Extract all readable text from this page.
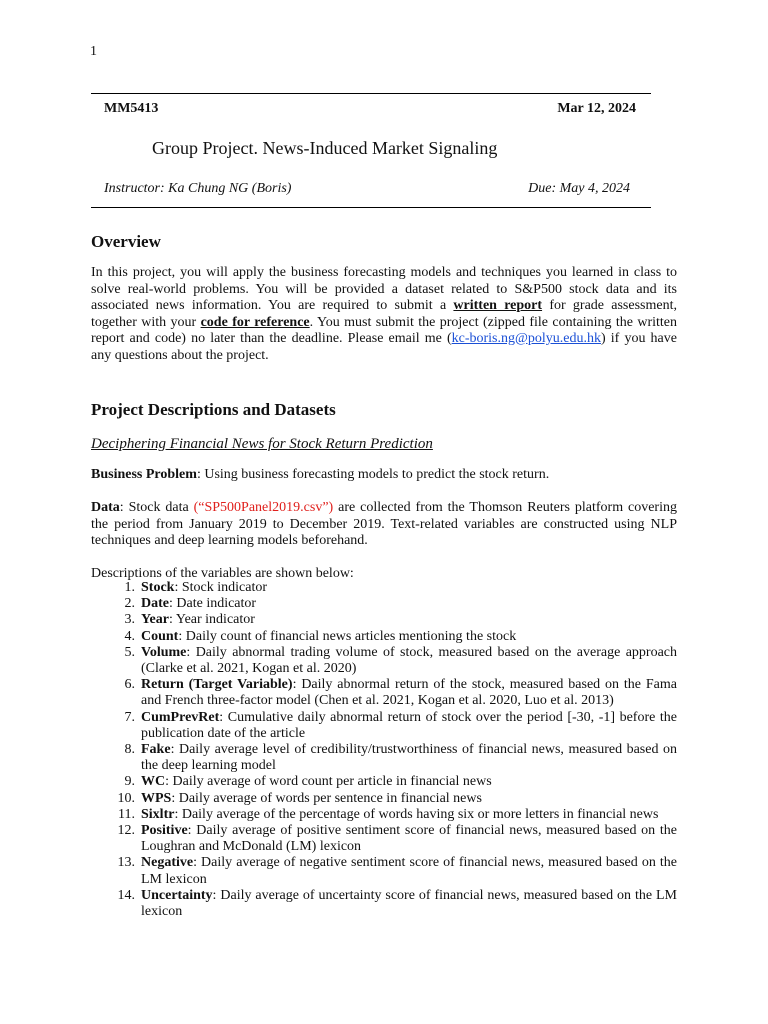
1
MM5413	Mar 12, 2024
Group Project. News-Induced Market Signaling
Instructor: Ka Chung NG (Boris)	Due: May 4, 2024
Overview
In this project, you will apply the business forecasting models and techniques you learned in class to solve real-world problems. You will be provided a dataset related to S&P500 stock data and its associated news information. You are required to submit a written report for grade assessment, together with your code for reference. You must submit the project (zipped file containing the written report and code) no later than the deadline. Please email me (kc-boris.ng@polyu.edu.hk) if you have any questions about the project.
Project Descriptions and Datasets
Deciphering Financial News for Stock Return Prediction
Business Problem: Using business forecasting models to predict the stock return.
Data: Stock data (“SP500Panel2019.csv”) are collected from the Thomson Reuters platform covering the period from January 2019 to December 2019. Text-related variables are constructed using NLP techniques and deep learning models beforehand.
Descriptions of the variables are shown below:
1. Stock: Stock indicator
2. Date: Date indicator
3. Year: Year indicator
4. Count: Daily count of financial news articles mentioning the stock
5. Volume: Daily abnormal trading volume of stock, measured based on the average approach (Clarke et al. 2021, Kogan et al. 2020)
6. Return (Target Variable): Daily abnormal return of the stock, measured based on the Fama and French three-factor model (Chen et al. 2021, Kogan et al. 2020, Luo et al. 2013)
7. CumPrevRet: Cumulative daily abnormal return of stock over the period [-30, -1] before the publication date of the article
8. Fake: Daily average level of credibility/trustworthiness of financial news, measured based on the deep learning model
9. WC: Daily average of word count per article in financial news
10. WPS: Daily average of words per sentence in financial news
11. Sixltr: Daily average of the percentage of words having six or more letters in financial news
12. Positive: Daily average of positive sentiment score of financial news, measured based on the Loughran and McDonald (LM) lexicon
13. Negative: Daily average of negative sentiment score of financial news, measured based on the LM lexicon
14. Uncertainty: Daily average of uncertainty score of financial news, measured based on the LM lexicon
